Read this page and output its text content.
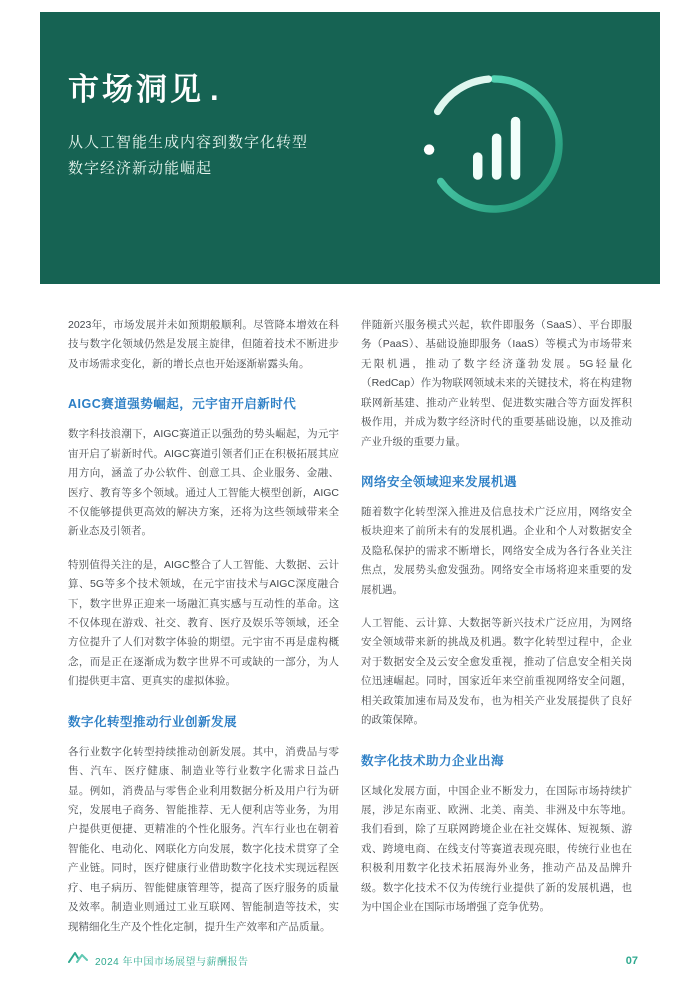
市场洞见 .
从人工智能生成内容到数字化转型
数字经济新动能崛起

2023年，市场发展并未如预期般顺利。尽管降本增效在科技与数字化领域仍然是发展主旋律，但随着技术不断进步及市场需求变化，新的增长点也开始逐渐崭露头角。

AIGC赛道强势崛起，元宇宙开启新时代

数字科技浪潮下，AIGC赛道正以强劲的势头崛起，为元宇宙开启了崭新时代。AIGC赛道引领者们正在积极拓展其应用方向，涵盖了办公软件、创意工具、企业服务、金融、医疗、教育等多个领域。通过人工智能大模型创新，AIGC不仅能够提供更高效的解决方案，还将为这些领域带来全新业态及引领者。

特别值得关注的是，AIGC整合了人工智能、大数据、云计算、5G等多个技术领域，在元宇宙技术与AIGC深度融合下，数字世界正迎来一场融汇真实感与互动性的革命。这不仅体现在游戏、社交、教育、医疗及娱乐等领域，还全方位提升了人们对数字体验的期望。元宇宙不再是虚构概念，而是正在逐渐成为数字世界不可或缺的一部分，为人们提供更丰富、更真实的虚拟体验。

数字化转型推动行业创新发展

各行业数字化转型持续推动创新发展。其中，消费品与零售、汽车、医疗健康、制造业等行业数字化需求日益凸显。例如，消费品与零售企业利用数据分析及用户行为研究，发展电子商务、智能推荐、无人便利店等业务，为用户提供更便捷、更精准的个性化服务。汽车行业也在朝着智能化、电动化、网联化方向发展，数字化技术贯穿了全产业链。同时，医疗健康行业借助数字化技术实现远程医疗、电子病历、智能健康管理等，提高了医疗服务的质量及效率。制造业则通过工业互联网、智能制造等技术，实现精细化生产及个性化定制，提升生产效率和产品质量。

伴随新兴服务模式兴起，软件即服务（SaaS）、平台即服务（PaaS）、基础设施即服务（IaaS）等模式为市场带来无限机遇，推动了数字经济蓬勃发展。5G轻量化（RedCap）作为物联网领域未来的关键技术，将在构建物联网新基建、推动产业转型、促进数实融合等方面发挥积极作用，并成为数字经济时代的重要基础设施，以及推动产业升级的重要力量。

网络安全领域迎来发展机遇

随着数字化转型深入推进及信息技术广泛应用，网络安全板块迎来了前所未有的发展机遇。企业和个人对数据安全及隐私保护的需求不断增长，网络安全成为各行各业关注焦点，发展势头愈发强劲。网络安全市场将迎来重要的发展机遇。

人工智能、云计算、大数据等新兴技术广泛应用，为网络安全领域带来新的挑战及机遇。数字化转型过程中，企业对于数据安全及云安全愈发重视，推动了信息安全相关岗位迅速崛起。同时，国家近年来空前重视网络安全问题，相关政策加速布局及发布，也为相关产业发展提供了良好的政策保障。

数字化技术助力企业出海

区域化发展方面，中国企业不断发力，在国际市场持续扩展，涉足东南亚、欧洲、北美、南美、非洲及中东等地。我们看到，除了互联网跨境企业在社交媒体、短视频、游戏、跨境电商、在线支付等赛道表现亮眼，传统行业也在积极利用数字化技术拓展海外业务，推动产品及品牌升级。数字化技术不仅为传统行业提供了新的发展机遇，也为中国企业在国际市场增强了竞争优势。

2024 年中国市场展望与薪酬报告	07
